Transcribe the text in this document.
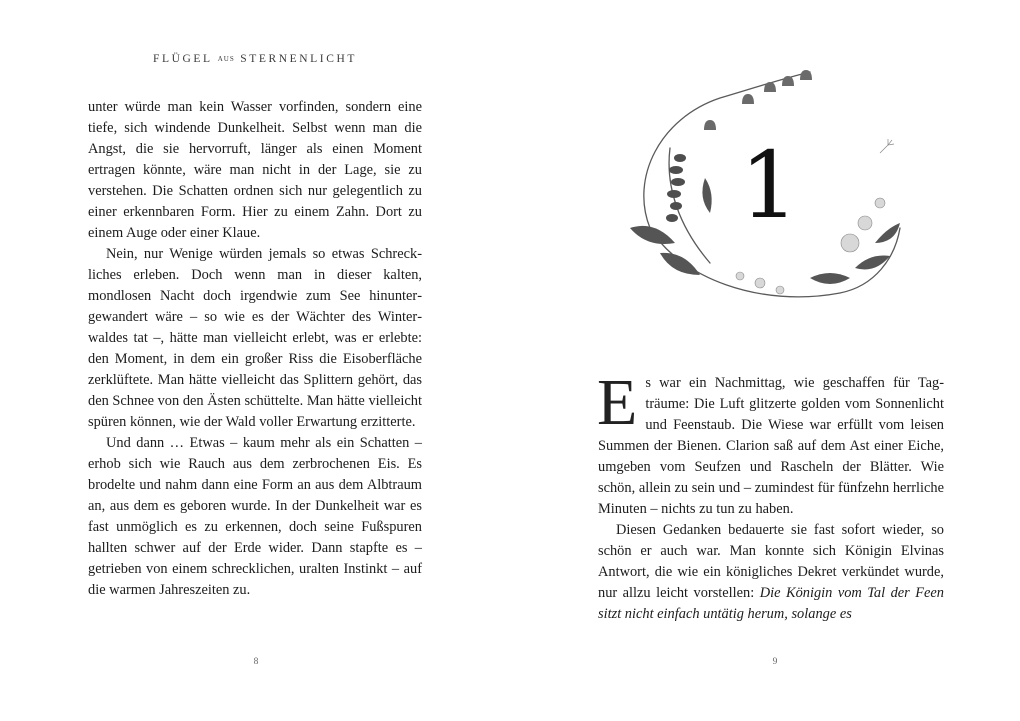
FLÜGEL AUS STERNENLICHT

unter würde man kein Wasser vorfinden, sondern eine tiefe, sich windende Dunkelheit. Selbst wenn man die Angst, die sie hervorruft, länger als einen Moment ertragen könnte, wäre man nicht in der Lage, sie zu verstehen. Die Schatten ordnen sich nur gelegentlich zu einer erkennbaren Form. Hier zu einem Zahn. Dort zu einem Auge oder einer Klaue.

Nein, nur Wenige würden jemals so etwas Schreckliches erleben. Doch wenn man in dieser kalten, mondlosen Nacht doch irgendwie zum See hinuntergewandert wäre – so wie es der Wächter des Winterwaldes tat –, hätte man vielleicht erlebt, was er erlebte: den Moment, in dem ein großer Riss die Eisoberfläche zerklüftete. Man hätte vielleicht das Splittern gehört, das den Schnee von den Ästen schüttelte. Man hätte vielleicht spüren können, wie der Wald voller Erwartung erzitterte.

Und dann … Etwas – kaum mehr als ein Schatten – erhob sich wie Rauch aus dem zerbrochenen Eis. Es brodelte und nahm dann eine Form an aus dem Albtraum an, aus dem es geboren wurde. In der Dunkelheit war es fast unmöglich es zu erkennen, doch seine Fußspuren hallten schwer auf der Erde wider. Dann stapfte es – getrieben von einem schrecklichen, uralten Instinkt – auf die warmen Jahreszeiten zu.

8
1

Es war ein Nachmittag, wie geschaffen für Tagträume: Die Luft glitzerte golden vom Sonnenlicht und Feenstaub. Die Wiese war erfüllt vom leisen Summen der Bienen. Clarion saß auf dem Ast einer Eiche, umgeben vom Seufzen und Rascheln der Blätter. Wie schön, allein zu sein und – zumindest für fünfzehn herrliche Minuten – nichts zu tun zu haben.

Diesen Gedanken bedauerte sie fast sofort wieder, so schön er auch war. Man konnte sich Königin Elvinas Antwort, die wie ein königliches Dekret verkündet wurde, nur allzu leicht vorstellen: Die Königin vom Tal der Feen sitzt nicht einfach untätig herum, solange es

9
